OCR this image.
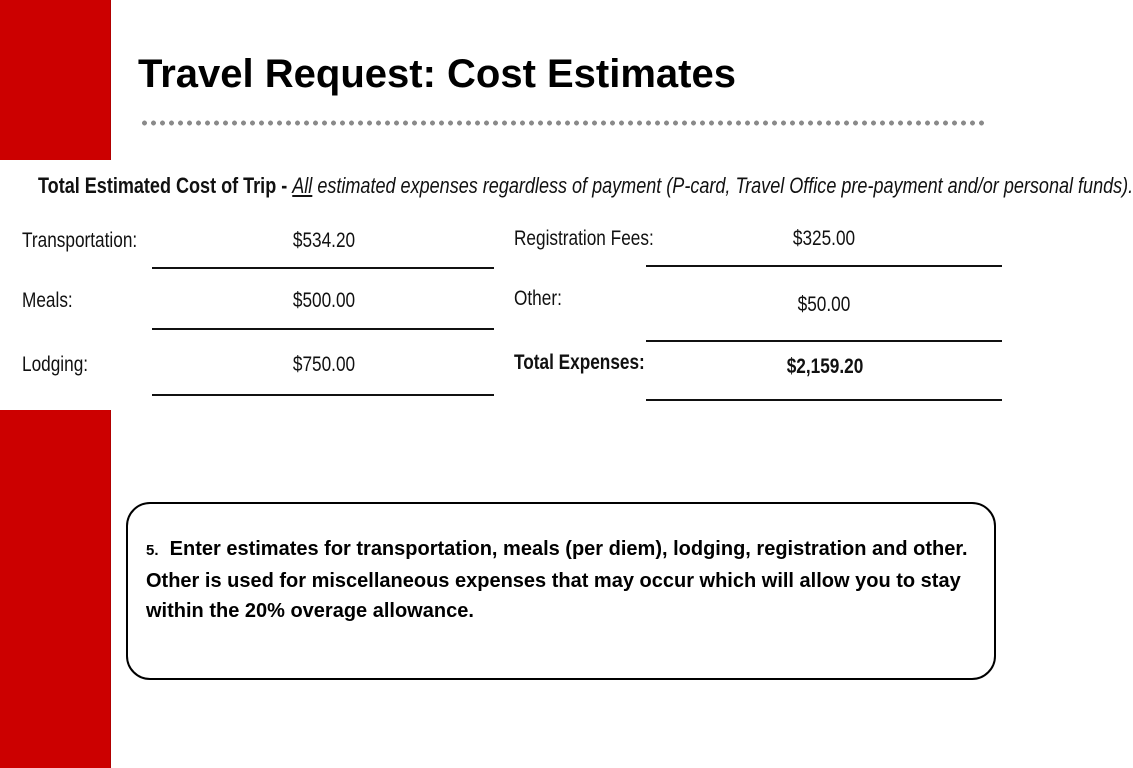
Travel Request: Cost Estimates
Total Estimated Cost of Trip - All estimated expenses regardless of payment (P-card, Travel Office pre-payment and/or personal funds).
Transportation:	$534.20
Meals:	$500.00
Lodging:	$750.00
Registration Fees:	$325.00
Other:	$50.00
Total Expenses:	$2,159.20

5. Enter estimates for transportation, meals (per diem), lodging, registration and other. Other is used for miscellaneous expenses that may occur which will allow you to stay within the 20% overage allowance.
